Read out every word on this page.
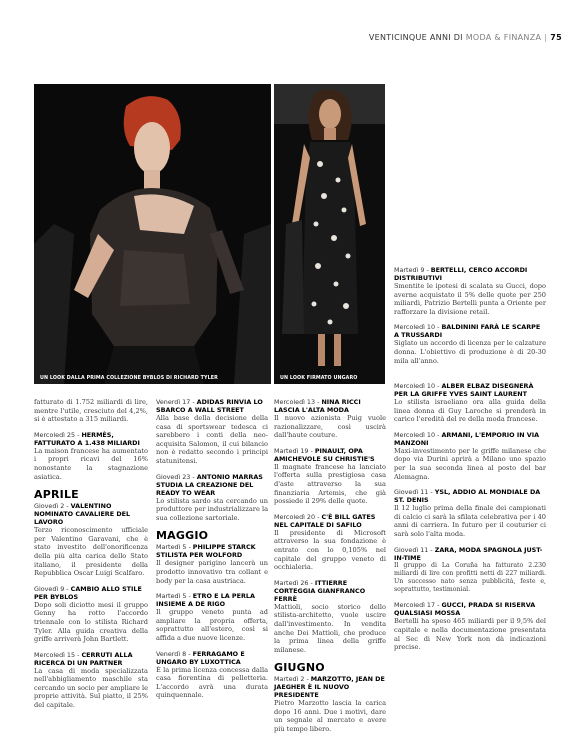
VENTICINQUE ANNI DI MODA & FINANZA | 75
UN LOOK DALLA PRIMA COLLEZIONE BYBLOS DI RICHARD TYLER	UN LOOK FIRMATO UNGARO
Martedì 9 - BERTELLI, CERCO ACCORDI DISTRIBUTIVI
Smentite le ipotesi di scalata su Gucci, dopo averne acquistato il 5% delle quote per 250 miliardi, Patrizio Bertelli punta a Oriente per rafforzare la divisione retail.
Mercoledì 10 - BALDININI FARÀ LE SCARPE A TRUSSARDI
Siglato un accordo di licenza per le calzature donna. L'obiettivo di produzione è di 20-30 mila all'anno.
fatturato di 1.752 miliardi di lire, mentre l'utile, cresciuto del 4,2%, si è attestato a 315 miliardi.
Mercoledì 25 - HERMÈS, FATTURATO A 1.438 MILIARDI
La maison francese ha aumentato i propri ricavi del 16% nonostante la stagnazione asiatica.
APRILE
Giovedì 2 - VALENTINO NOMINATO CAVALIERE DEL LAVORO
Terzo riconoscimento ufficiale per Valentino Garavani, che è stato investito dell'onorificenza della più alta carica dello Stato italiano, il presidente della Repubblica Oscar Luigi Scalfaro.
Giovedì 9 - CAMBIO ALLO STILE PER BYBLOS
Dopo soli diciotto mesi il gruppo Genny ha rotto l'accordo triennale con lo stilista Richard Tyler. Alla guida creativa della griffe arriverà John Bartlett.
Mercoledì 15 - CERRUTI ALLA RICERCA DI UN PARTNER
La casa di moda specializzata nell'abbigliamento maschile sta cercando un socio per ampliare le proprie attività. Sul piatto, il 25% del capitale.
Venerdì 17 - ADIDAS RINVIA LO SBARCO A WALL STREET
Alla base della decisione della casa di sportswear tedesca ci sarebbero i conti della neo-acquisita Salomon, il cui bilancio non è redatto secondo i principi statunitensi.
Giovedì 23 - ANTONIO MARRAS STUDIA LA CREAZIONE DEL READY TO WEAR
Lo stilista sardo sta cercando un produttore per industrializzare la sua collezione sartoriale.
MAGGIO
Martedì 5 - PHILIPPE STARCK STILISTA PER WOLFORD
Il designer parigino lancerà un prodotto innovativo tra collant e body per la casa austriaca.
Martedì 5 - ETRO E LA PERLA INSIEME A DE RIGO
Il gruppo veneto punta ad ampliare la propria offerta, soprattutto all'estero, così si affida a due nuove licenze.
Venerdì 8 - FERRAGAMO E UNGARO BY LUXOTTICA
È la prima licenza concessa dalla casa fiorentina di pelletteria. L'accordo avrà una durata quinquennale.
Mercoledì 13 - NINA RICCI LASCIA L'ALTA MODA
Il nuovo azionista Puig vuole razionalizzare, così uscirà dall'haute couture.
Martedì 19 - PINAULT, OPA AMICHEVOLE SU CHRISTIE'S
Il magnate francese ha lanciato l'offerta sulla prestigiosa casa d'aste attraverso la sua finanziaria Artemis, che già possiede il 29% delle quote.
Mercoledì 20 - C'È BILL GATES NEL CAPITALE DI SAFILO
Il presidente di Microsoft attraverso la sua fondazione è entrato con lo 0,105% nel capitale del gruppo veneto di occhialeria.
Martedì 26 - ITTIERRE CORTEGGIA GIANFRANCO FERRÈ
Mattioli, socio storico dello stilista-architetto, vuole uscire dall'investimento. In vendita anche Dei Mattioli, che produce la prima linea della griffe milanese.
GIUGNO
Martedì 2 - MARZOTTO, JEAN DE JAEGHER È IL NUOVO PRESIDENTE
Pietro Marzotto lascia la carica dopo 16 anni. Due i motivi, dare un segnale al mercato e avere più tempo libero.
Mercoledì 10 - ALBER ELBAZ DISEGNERÀ PER LA GRIFFE YVES SAINT LAURENT
Lo stilista israeliano ora alla guida della linea donna di Guy Laroche si prenderà in carico l'eredità del re della moda francese.
Mercoledì 10 - ARMANI, L'EMPORIO IN VIA MANZONI
Maxi-investimento per le griffe milanese che dopo via Durini aprirà a Milano uno spazio per la sua seconda linea al posto del bar Alemagna.
Giovedì 11 - YSL, ADDIO AL MONDIALE DA ST. DENIS
Il 12 luglio prima della finale dei campionati di calcio ci sarà la sfilata celebrativa per i 40 anni di carriera. In futuro per il couturier ci sarà solo l'alta moda.
Giovedì 11 - ZARA, MODA SPAGNOLA JUST-IN-TIME
Il gruppo di La Coruña ha fatturato 2.230 miliardi di lire con profitti netti di 227 miliardi. Un successo nato senza pubblicità, feste e, soprattutto, testimonial.
Mercoledì 17 - GUCCI, PRADA SI RISERVA QUALSIASI MOSSA
Bertelli ha speso 465 miliardi per il 9,5% del capitale e nella documentazione presentata al Sec di New York non dà indicazioni precise.
